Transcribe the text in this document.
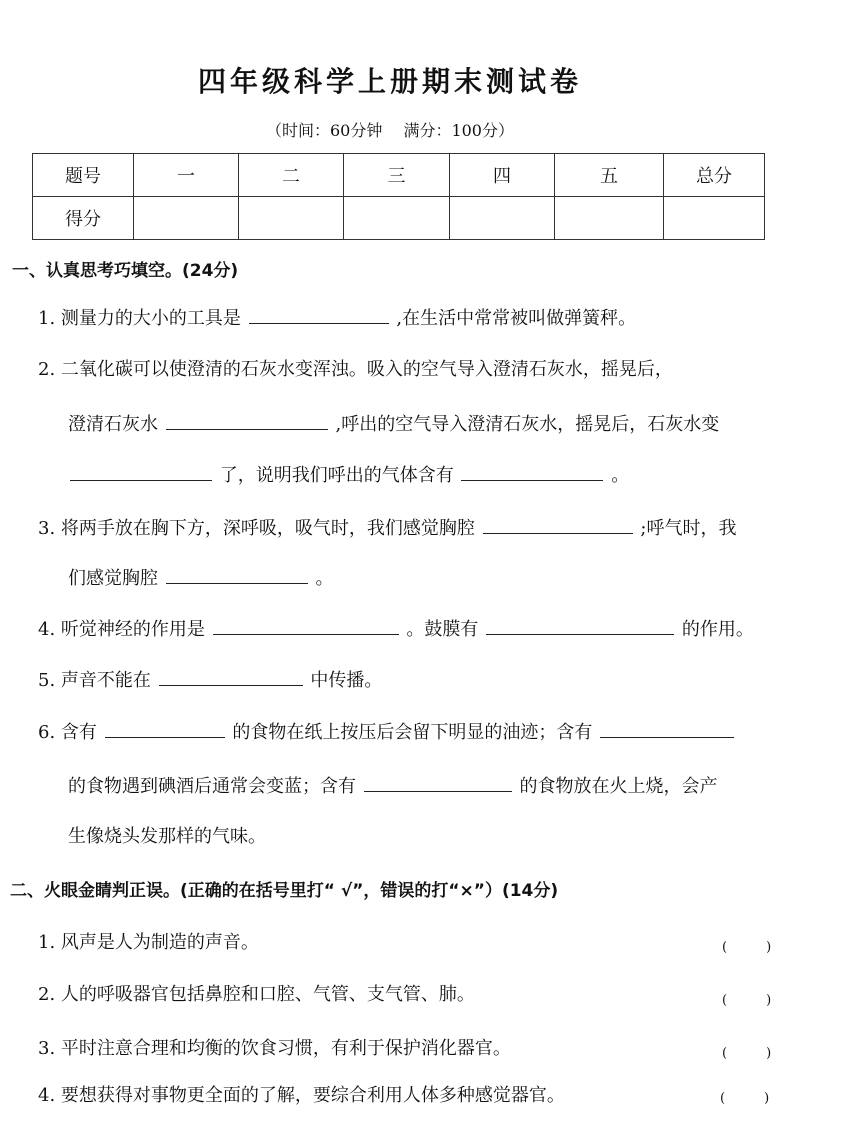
四年级科学上册期末测试卷
（时间：60分钟　 满分：100分）
题号	一	二	三	四	五	总分
得分						
一、认真思考巧填空。(24分)
1. 测量力的大小的工具是	,在生活中常常被叫做弹簧秤。
2. 二氧化碳可以使澄清的石灰水变浑浊。吸入的空气导入澄清石灰水，摇晃后，
澄清石灰水	,呼出的空气导入澄清石灰水，摇晃后，石灰水变
了，说明我们呼出的气体含有	。
3. 将两手放在胸下方，深呼吸，吸气时，我们感觉胸腔	;呼气时，我
们感觉胸腔	。
4. 听觉神经的作用是	。鼓膜有	的作用。
5. 声音不能在	中传播。
6. 含有	的食物在纸上按压后会留下明显的油迹；含有
的食物遇到碘酒后通常会变蓝；含有	的食物放在火上烧，会产
生像烧头发那样的气味。
二、火眼金睛判正误。(正确的在括号里打“ √”，错误的打“×”）(14分)
1. 风声是人为制造的声音。	(　　　)
2. 人的呼吸器官包括鼻腔和口腔、气管、支气管、肺。	(　　　)
3. 平时注意合理和均衡的饮食习惯，有利于保护消化器官。	(　　　)
4. 要想获得对事物更全面的了解，要综合利用人体多种感觉器官。	(　　　)
